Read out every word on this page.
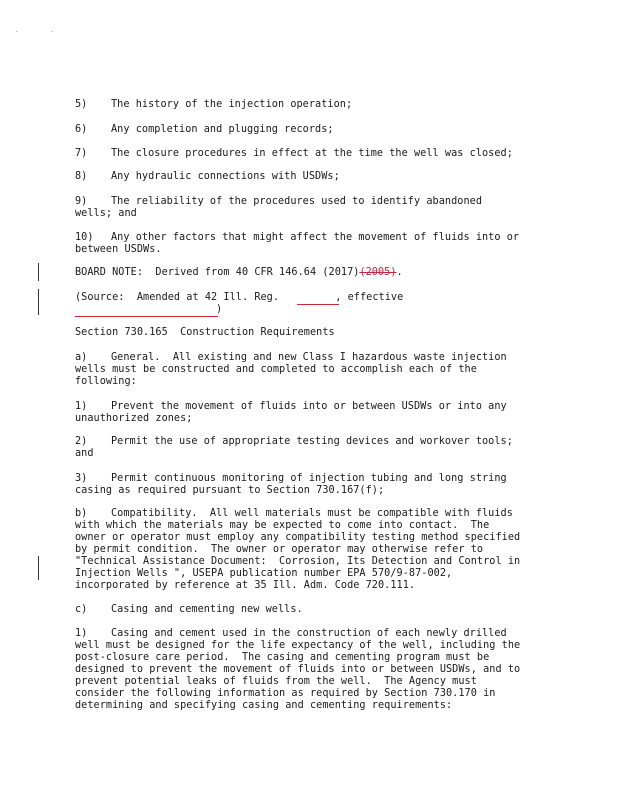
.	.
5) The history of the injection operation;
6) Any completion and plugging records;
7) The closure procedures in effect at the time the well was closed;
8) Any hydraulic connections with USDWs;
9) The reliability of the procedures used to identify abandoned
wells; and
10) Any other factors that might affect the movement of fluids into or
between USDWs.
BOARD NOTE:  Derived from 40 CFR 146.64 (2017)(2005).
(Source:  Amended at 42 Ill. Reg.	, effective
)
Section 730.165  Construction Requirements
a) General.  All existing and new Class I hazardous waste injection
wells must be constructed and completed to accomplish each of the
following:
1) Prevent the movement of fluids into or between USDWs or into any
unauthorized zones;
2) Permit the use of appropriate testing devices and workover tools;
and
3) Permit continuous monitoring of injection tubing and long string
casing as required pursuant to Section 730.167(f);
b) Compatibility.  All well materials must be compatible with fluids
with which the materials may be expected to come into contact.  The
owner or operator must employ any compatibility testing method specified
by permit condition.  The owner or operator may otherwise refer to
"Technical Assistance Document:  Corrosion, Its Detection and Control in
Injection Wells ", USEPA publication number EPA 570/9-87-002,
incorporated by reference at 35 Ill. Adm. Code 720.111.
c) Casing and cementing new wells.
1) Casing and cement used in the construction of each newly drilled
well must be designed for the life expectancy of the well, including the
post-closure care period.  The casing and cementing program must be
designed to prevent the movement of fluids into or between USDWs, and to
prevent potential leaks of fluids from the well.  The Agency must
consider the following information as required by Section 730.170 in
determining and specifying casing and cementing requirements:
